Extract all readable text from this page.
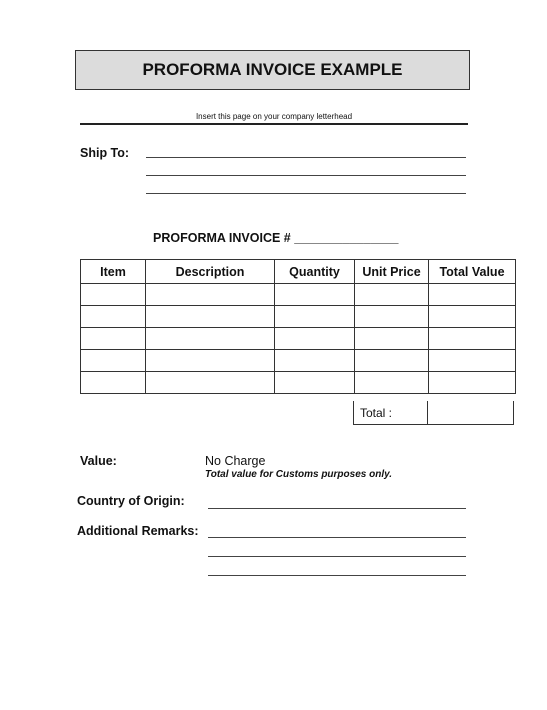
PROFORMA INVOICE EXAMPLE
Insert this page on your company letterhead
Ship To:
PROFORMA INVOICE # _______________
Item	Description	Quantity	Unit Price	Total Value

Total :
Value:	No Charge
Total value for Customs purposes only.
Country of Origin:
Additional Remarks:
